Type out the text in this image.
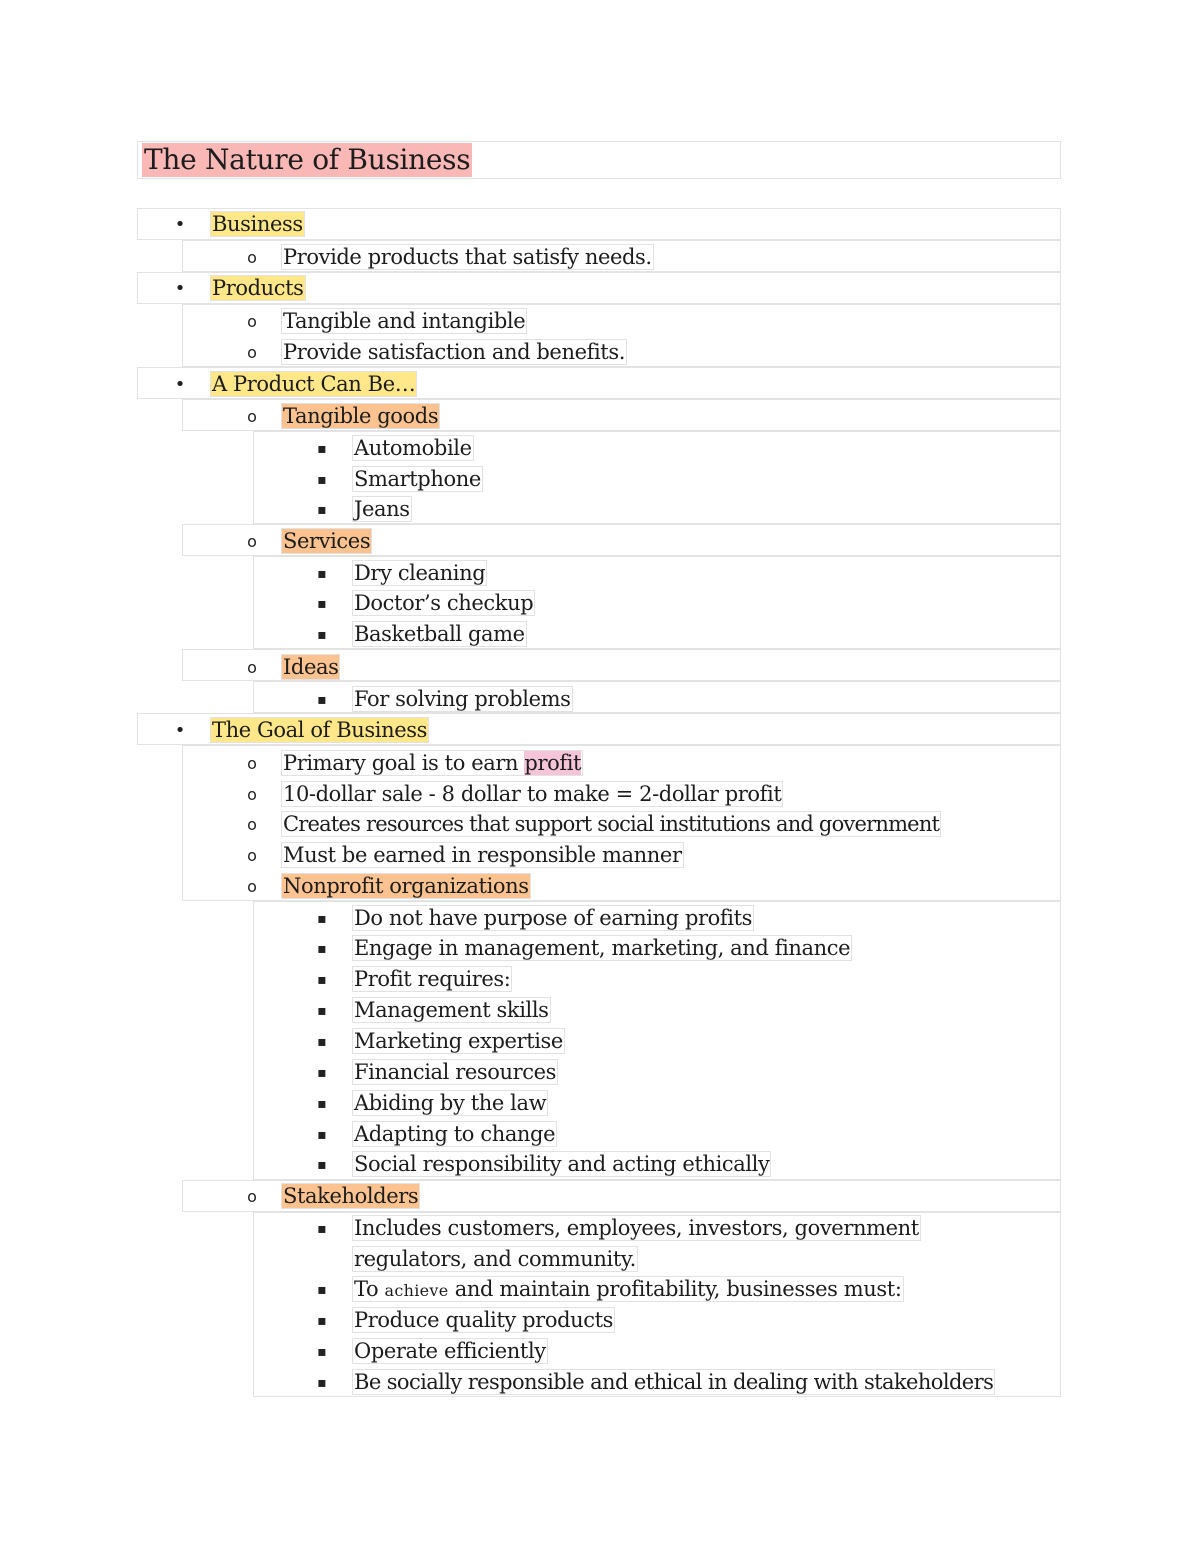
The Nature of Business
• Business
o Provide products that satisfy needs.
• Products
o Tangible and intangible
o Provide satisfaction and benefits.
• A Product Can Be…
o Tangible goods
▪ Automobile
▪ Smartphone
▪ Jeans
o Services
▪ Dry cleaning
▪ Doctor’s checkup
▪ Basketball game
o Ideas
▪ For solving problems
• The Goal of Business
o Primary goal is to earn profit
o 10-dollar sale - 8 dollar to make = 2-dollar profit
o Creates resources that support social institutions and government
o Must be earned in responsible manner
o Nonprofit organizations
▪ Do not have purpose of earning profits
▪ Engage in management, marketing, and finance
▪ Profit requires:
▪ Management skills
▪ Marketing expertise
▪ Financial resources
▪ Abiding by the law
▪ Adapting to change
▪ Social responsibility and acting ethically
o Stakeholders
▪ Includes customers, employees, investors, government
regulators, and community.
▪ To achieve and maintain profitability, businesses must:
▪ Produce quality products
▪ Operate efficiently
▪ Be socially responsible and ethical in dealing with stakeholders
